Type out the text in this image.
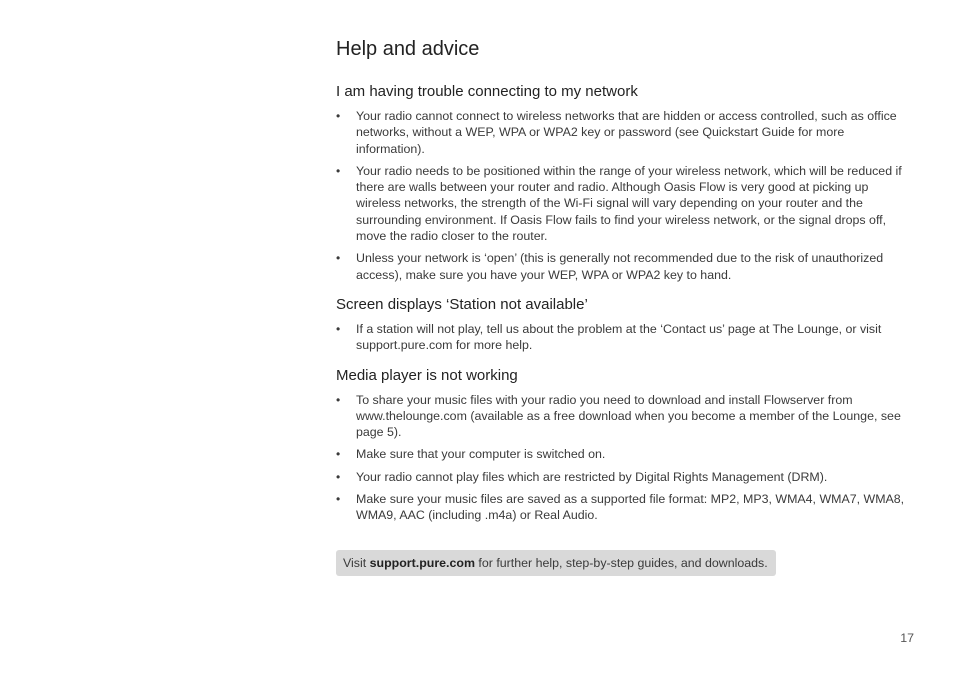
Help and advice
I am having trouble connecting to my network
• Your radio cannot connect to wireless networks that are hidden or access controlled, such as office networks, without a WEP, WPA or WPA2 key or password (see Quickstart Guide for more information).
• Your radio needs to be positioned within the range of your wireless network, which will be reduced if there are walls between your router and radio. Although Oasis Flow is very good at picking up wireless networks, the strength of the Wi-Fi signal will vary depending on your router and the surrounding environment. If Oasis Flow fails to find your wireless network, or the signal drops off, move the radio closer to the router.
• Unless your network is ‘open’ (this is generally not recommended due to the risk of unauthorized access), make sure you have your WEP, WPA or WPA2 key to hand.
Screen displays ‘Station not available’
• If a station will not play, tell us about the problem at the ‘Contact us’ page at The Lounge, or visit support.pure.com for more help.
Media player is not working
• To share your music files with your radio you need to download and install Flowserver from www.thelounge.com (available as a free download when you become a member of the Lounge, see page 5).
• Make sure that your computer is switched on.
• Your radio cannot play files which are restricted by Digital Rights Management (DRM).
• Make sure your music files are saved as a supported file format: MP2, MP3, WMA4, WMA7, WMA8, WMA9, AAC (including .m4a) or Real Audio.
Visit support.pure.com for further help, step-by-step guides, and downloads.
17
